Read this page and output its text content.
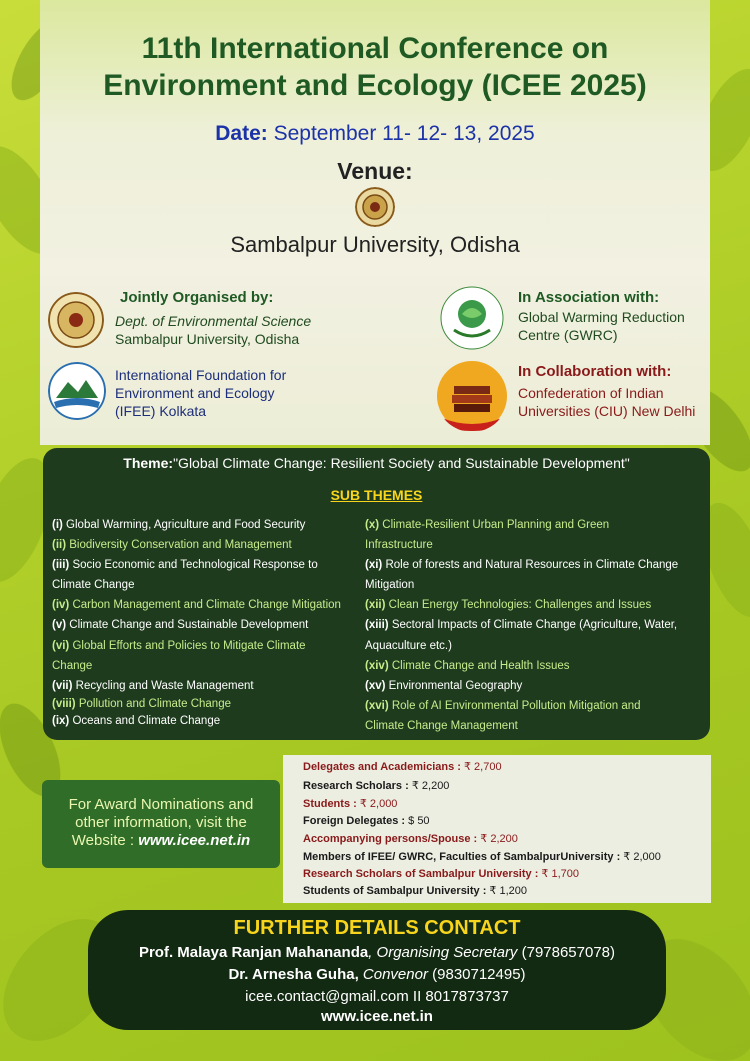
11th International Conference on
Environment and Ecology (ICEE 2025)
Date: September 11- 12- 13, 2025
Venue:
Sambalpur University, Odisha
Jointly Organised by:
Dept. of Environmental Science
Sambalpur University, Odisha
International Foundation for
Environment and Ecology
(IFEE) Kolkata
In Association with:
Global Warming Reduction
Centre (GWRC)
In Collaboration with:
Confederation of Indian
Universities (CIU) New Delhi
Theme:"Global Climate Change: Resilient Society and Sustainable Development"
SUB THEMES
(i) Global Warming, Agriculture and Food Security
(ii) Biodiversity Conservation and Management
(iii) Socio Economic and Technological Response to
Climate Change
(iv) Carbon Management and Climate Change Mitigation
(v) Climate Change and Sustainable Development
(vi) Global Efforts and Policies to Mitigate Climate
Change
(vii) Recycling and Waste Management
(viii) Pollution and Climate Change
(ix) Oceans and Climate Change
(x) Climate-Resilient Urban Planning and Green
Infrastructure
(xi) Role of forests and Natural Resources in Climate Change
Mitigation
(xii) Clean Energy Technologies: Challenges and Issues
(xiii) Sectoral Impacts of Climate Change (Agriculture, Water,
Aquaculture etc.)
(xiv) Climate Change and Health Issues
(xv) Environmental Geography
(xvi) Role of AI Environmental Pollution Mitigation and
Climate Change Management
For Award Nominations and
other information, visit the
Website : www.icee.net.in
Delegates and Academicians : ₹ 2,700
Research Scholars : ₹ 2,200
Students : ₹ 2,000
Foreign Delegates : $ 50
Accompanying persons/Spouse : ₹ 2,200
Members of IFEE/ GWRC, Faculties of SambalpurUniversity : ₹ 2,000
Research Scholars of Sambalpur University : ₹ 1,700
Students of Sambalpur University : ₹ 1,200
FURTHER DETAILS CONTACT
Prof. Malaya Ranjan Mahananda, Organising Secretary (7978657078)
Dr. Arnesha Guha, Convenor (9830712495)
icee.contact@gmail.com II 8017873737
www.icee.net.in
